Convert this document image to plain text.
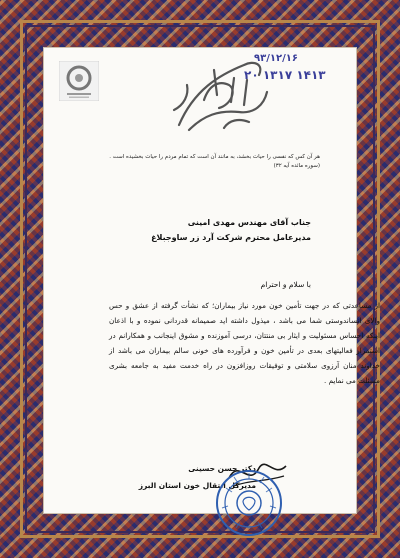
۹۳/۱۲/۱۶
۱۴۱۳ ۱۳۱۷ ۲۰
هر آن کس که نفسی را حیات بخشد، به مانند آن است که تمام مردم را حیات بخشیده است .
(سوره مائده آیه ۳۲)
جناب آقای مهندس مهدی امینی
مدیرعامل محترم شرکت آرد زر ساوجبلاغ
با سلام و احترام
از مساعدتی که در جهت تأمین خون مورد نیاز بیماران؛ که نشأت گرفته از عشق و حس والای انساندوستی شما می باشد ، میذول داشته اید صمیمانه قدردانی نموده و با اذعان اینکه احساس مسئولیت و ایثار بی منتتان، درسی آموزنده و مشوق اینجانب و همکارانم در استمرار فعالیتهای بعدی در تأمین خون و فرآورده های خونی سالم بیماران می باشد از خداوند منان آرزوی سلامتی و توفیقات روزافزون در راه خدمت مفید به جامعه بشری مسئلت می نمایم .
دکتر حسن حسینی
مدیرکل انتقال خون استان البرز
